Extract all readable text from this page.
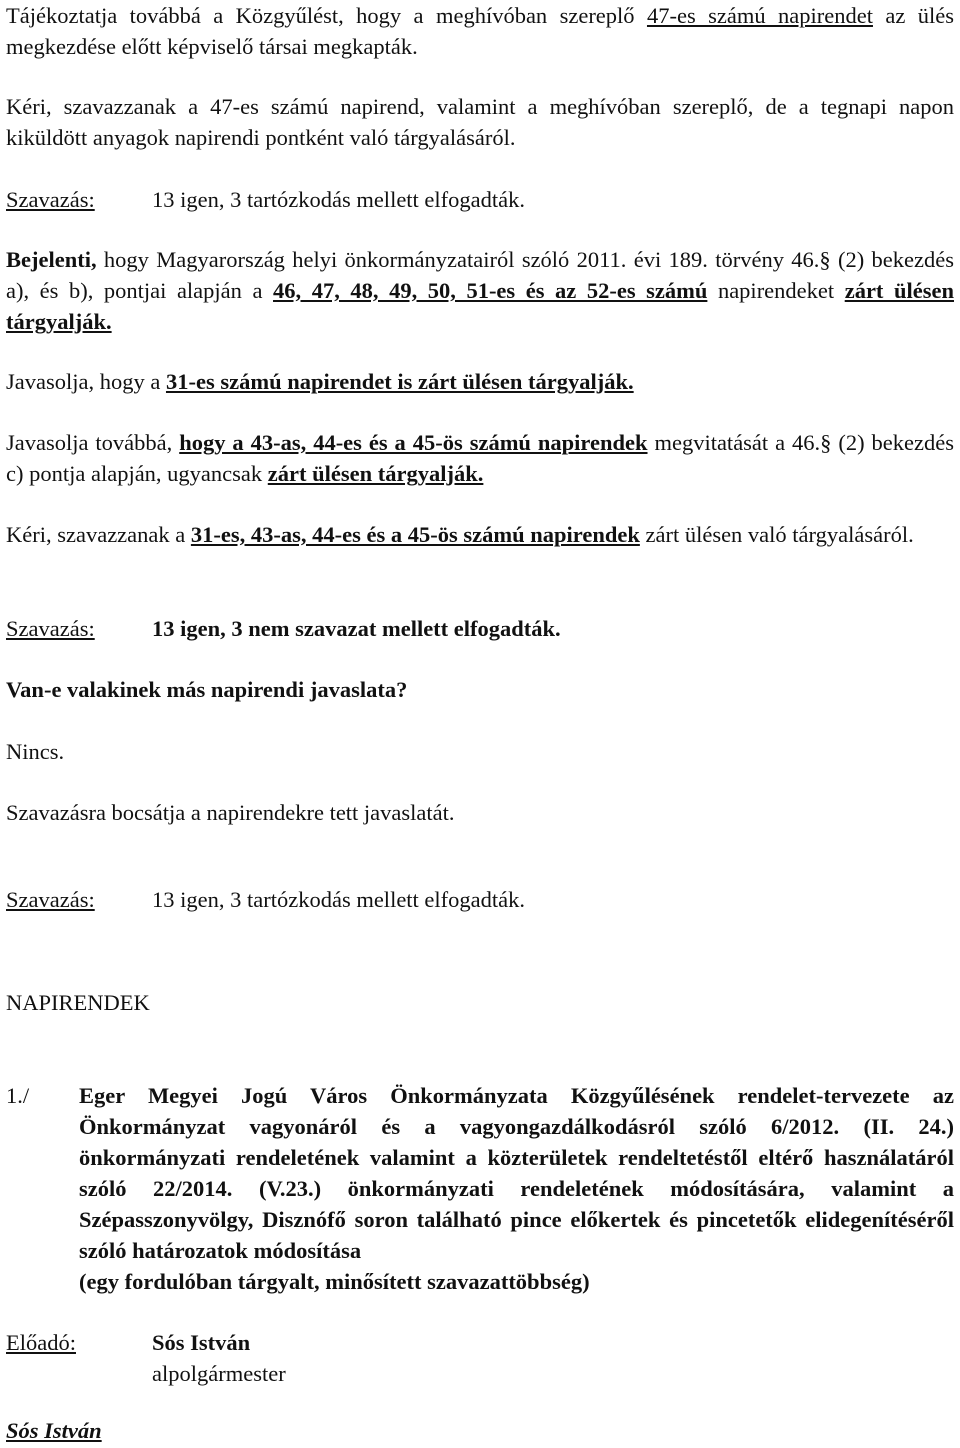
Tájékoztatja továbbá a Közgyűlést, hogy a meghívóban szereplő 47-es számú napirendet az ülés megkezdése előtt képviselő társai megkapták.

Kéri, szavazzanak a 47-es számú napirend, valamint a meghívóban szereplő, de a tegnapi napon kiküldött anyagok napirendi pontként való tárgyalásáról.

Szavazás:	13 igen, 3 tartózkodás mellett elfogadták.

Bejelenti, hogy Magyarország helyi önkormányzatairól szóló 2011. évi 189. törvény 46.§ (2) bekezdés a), és b), pontjai alapján a 46, 47, 48, 49, 50, 51-es és az 52-es számú napirendeket zárt ülésen tárgyalják.

Javasolja, hogy a 31-es számú napirendet is zárt ülésen tárgyalják.

Javasolja továbbá, hogy a 43-as, 44-es és a 45-ös számú napirendek megvitatását a 46.§ (2) bekezdés c) pontja alapján, ugyancsak zárt ülésen tárgyalják.

Kéri, szavazzanak a 31-es, 43-as, 44-es és a 45-ös számú napirendek zárt ülésen való tárgyalásáról.

Szavazás:	13 igen, 3 nem szavazat mellett elfogadták.

Van-e valakinek más napirendi javaslata?

Nincs.

Szavazásra bocsátja a napirendekre tett javaslatát.

Szavazás:	13 igen, 3 tartózkodás mellett elfogadták.

NAPIRENDEK

1./	Eger Megyei Jogú Város Önkormányzata Közgyűlésének rendelet-tervezete az Önkormányzat vagyonáról és a vagyongazdálkodásról szóló 6/2012. (II. 24.) önkormányzati rendeletének valamint a közterületek rendeltetéstől eltérő használatáról szóló 22/2014. (V.23.) önkormányzati rendeletének módosítására, valamint a Szépasszonyvölgy, Disznófő soron található pince előkertek és pincetetők elidegenítéséről szóló határozatok módosítása
(egy fordulóban tárgyalt, minősített szavazattöbbség)
Előadó:	Sós István
alpolgármester

Sós István
